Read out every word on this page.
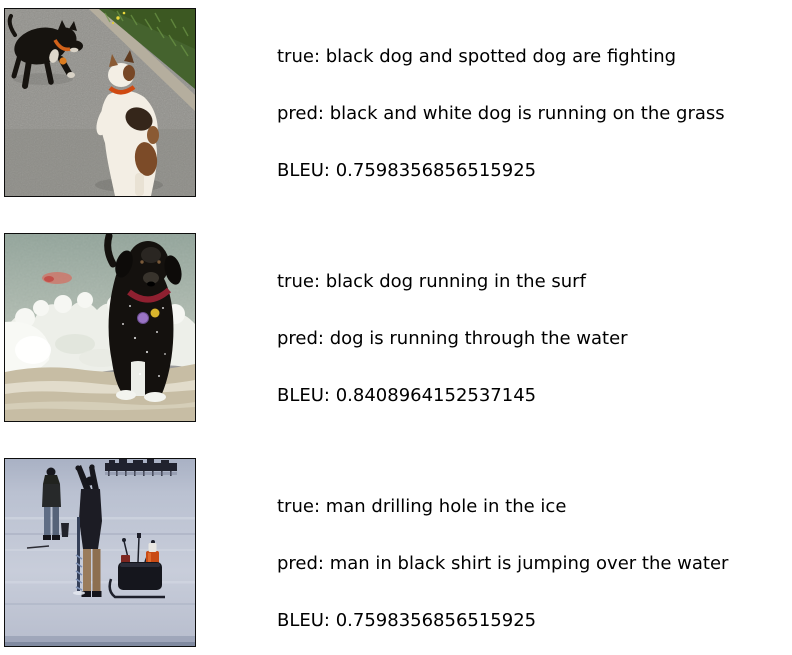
true: black dog and spotted dog are fighting
pred: black and white dog is running on the grass
BLEU: 0.7598356856515925
true: black dog running in the surf
pred: dog is running through the water
BLEU: 0.8408964152537145
true: man drilling hole in the ice
pred: man in black shirt is jumping over the water
BLEU: 0.7598356856515925
